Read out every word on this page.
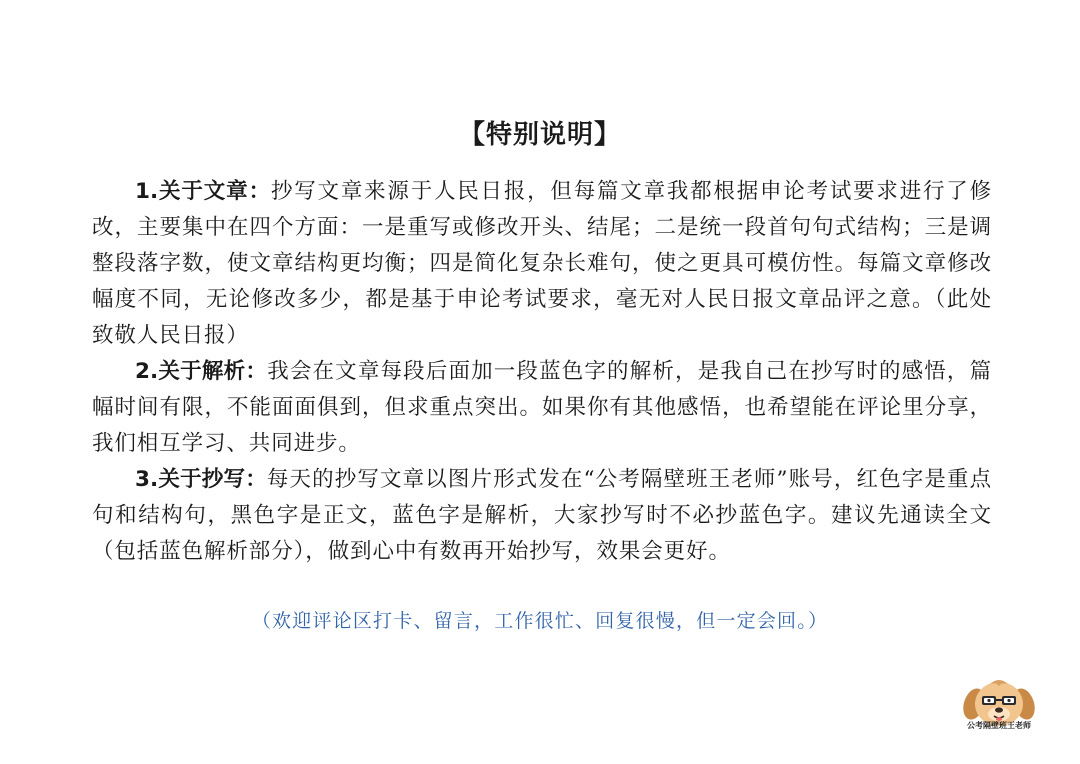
【特别说明】

1.关于文章：抄写文章来源于人民日报，但每篇文章我都根据申论考试要求进行了修改，主要集中在四个方面：一是重写或修改开头、结尾；二是统一段首句句式结构；三是调整段落字数，使文章结构更均衡；四是简化复杂长难句，使之更具可模仿性。每篇文章修改幅度不同，无论修改多少，都是基于申论考试要求，毫无对人民日报文章品评之意。（此处致敬人民日报）

2.关于解析：我会在文章每段后面加一段蓝色字的解析，是我自己在抄写时的感悟，篇幅时间有限，不能面面俱到，但求重点突出。如果你有其他感悟，也希望能在评论里分享，我们相互学习、共同进步。

3.关于抄写：每天的抄写文章以图片形式发在“公考隔壁班王老师”账号，红色字是重点句和结构句，黑色字是正文，蓝色字是解析，大家抄写时不必抄蓝色字。建议先通读全文（包括蓝色解析部分），做到心中有数再开始抄写，效果会更好。

（欢迎评论区打卡、留言，工作很忙、回复很慢，但一定会回。）
公考隔壁班王老师
